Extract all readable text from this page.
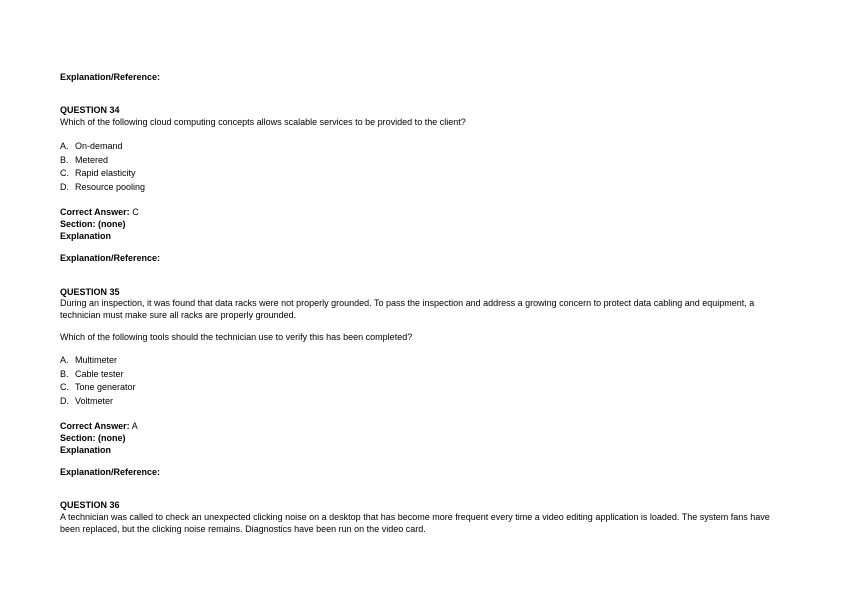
Explanation/Reference:

QUESTION 34

Which of the following cloud computing concepts allows scalable services to be provided to the client?

A. On-demand

B. Metered

C. Rapid elasticity

D. Resource pooling

Correct Answer: C

Section: (none)

Explanation

Explanation/Reference:

QUESTION 35

During an inspection, it was found that data racks were not properly grounded. To pass the inspection and address a growing concern to protect data cabling and equipment, a technician must make sure all racks are properly grounded.

Which of the following tools should the technician use to verify this has been completed?

A. Multimeter

B. Cable tester

C. Tone generator

D. Voltmeter

Correct Answer: A

Section: (none)

Explanation

Explanation/Reference:

QUESTION 36

A technician was called to check an unexpected clicking noise on a desktop that has become more frequent every time a video editing application is loaded. The system fans have been replaced, but the clicking noise remains. Diagnostics have been run on the video card.
